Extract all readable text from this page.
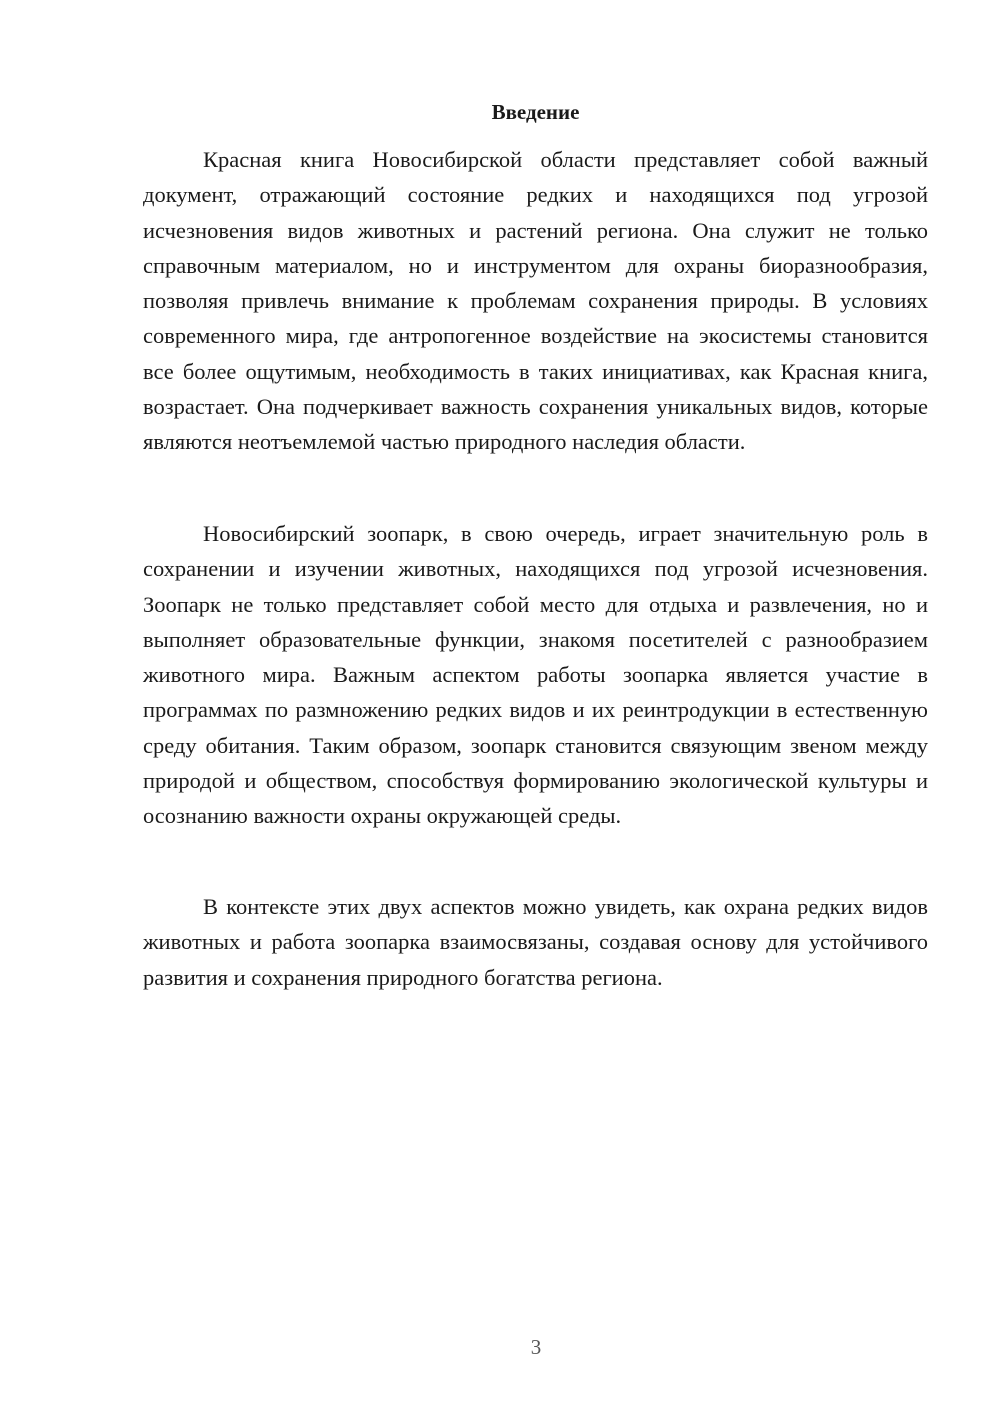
Введение

Красная книга Новосибирской области представляет собой важный документ, отражающий состояние редких и находящихся под угрозой исчезновения видов животных и растений региона. Она служит не только справочным материалом, но и инструментом для охраны биоразнообразия, позволяя привлечь внимание к проблемам сохранения природы. В условиях современного мира, где антропогенное воздействие на экосистемы становится все более ощутимым, необходимость в таких инициативах, как Красная книга, возрастает. Она подчеркивает важность сохранения уникальных видов, которые являются неотъемлемой частью природного наследия области.

Новосибирский зоопарк, в свою очередь, играет значительную роль в сохранении и изучении животных, находящихся под угрозой исчезновения. Зоопарк не только представляет собой место для отдыха и развлечения, но и выполняет образовательные функции, знакомя посетителей с разнообразием животного мира. Важным аспектом работы зоопарка является участие в программах по размножению редких видов и их реинтродукции в естественную среду обитания. Таким образом, зоопарк становится связующим звеном между природой и обществом, способствуя формированию экологической культуры и осознанию важности охраны окружающей среды.

В контексте этих двух аспектов можно увидеть, как охрана редких видов животных и работа зоопарка взаимосвязаны, создавая основу для устойчивого развития и сохранения природного богатства региона.

3
